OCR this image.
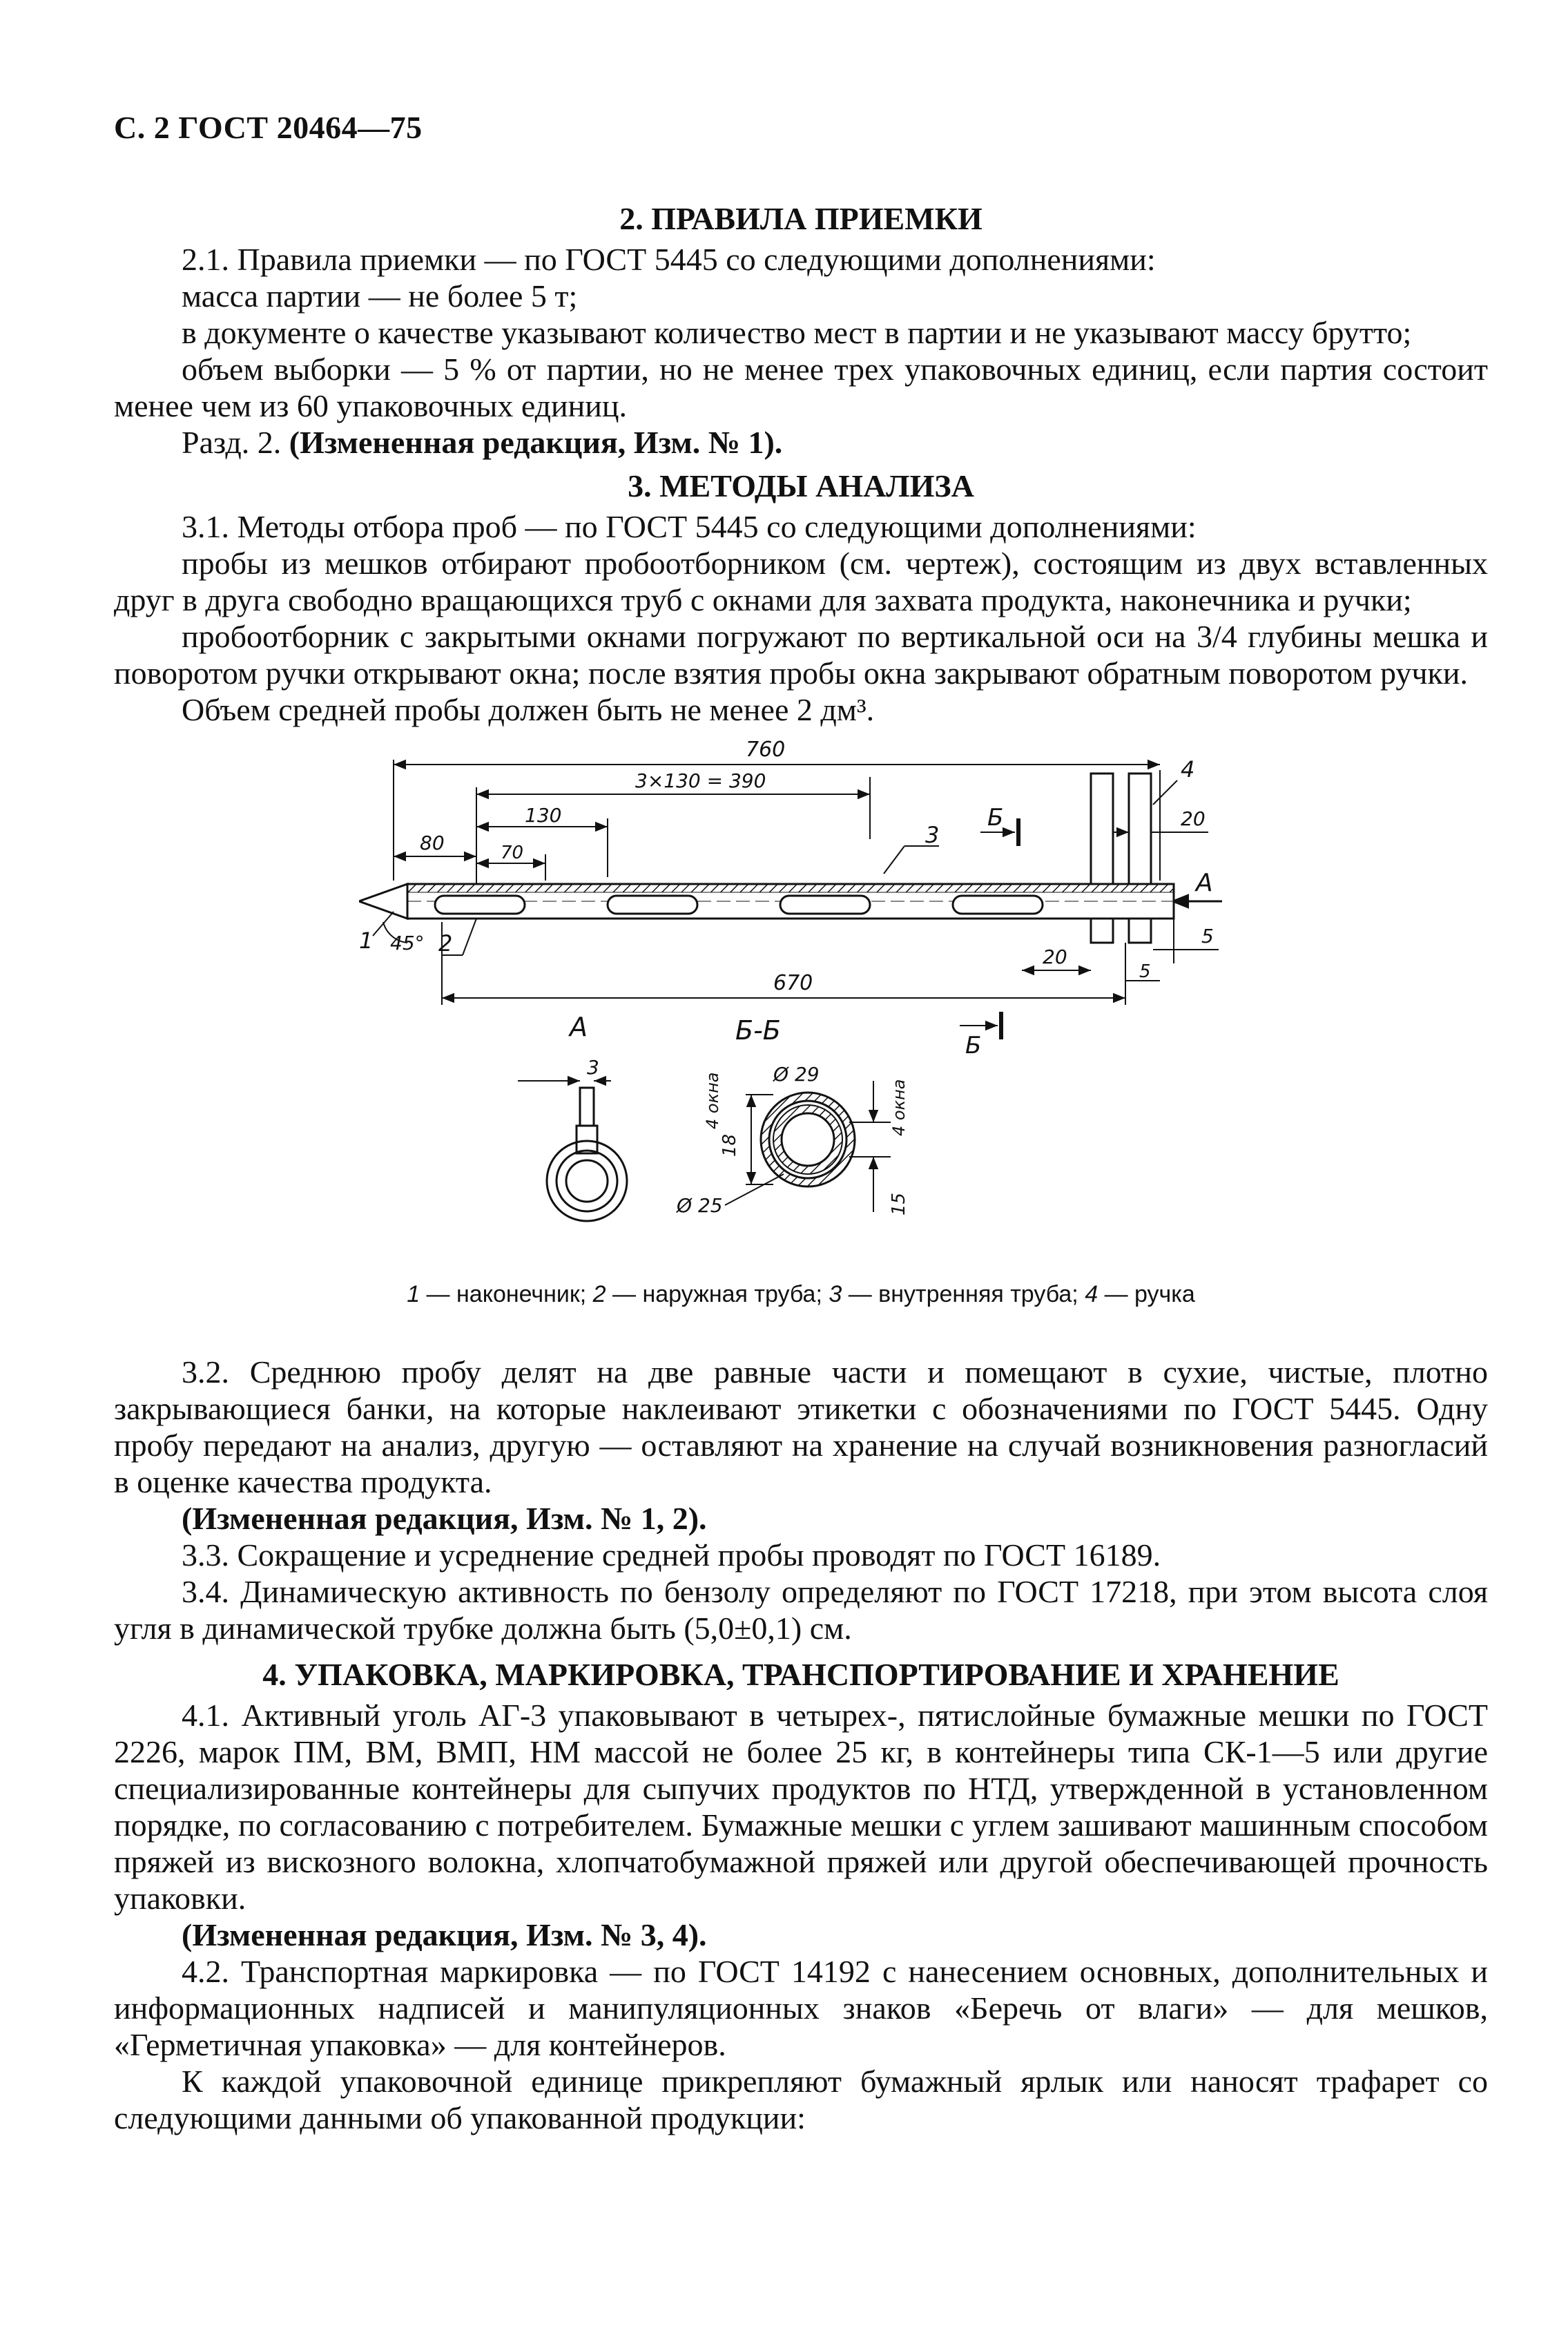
С. 2 ГОСТ 20464—75
2. ПРАВИЛА ПРИЕМКИ

2.1. Правила приемки — по ГОСТ 5445 со следующими дополнениями:

масса партии — не более 5 т;

в документе о качестве указывают количество мест в партии и не указывают массу брутто;

объем выборки — 5 % от партии, но не менее трех упаковочных единиц, если партия состоит менее чем из 60 упаковочных единиц.

Разд. 2. (Измененная редакция, Изм. № 1).

3. МЕТОДЫ АНАЛИЗА

3.1. Методы отбора проб — по ГОСТ 5445 со следующими дополнениями:

пробы из мешков отбирают пробоотборником (см. чертеж), состоящим из двух вставленных друг в друга свободно вращающихся труб с окнами для захвата продукта, наконечника и ручки;

пробоотборник с закрытыми окнами погружают по вертикальной оси на 3/4 глубины мешка и поворотом ручки открывают окна; после взятия пробы окна закрывают обратным поворотом ручки.

Объем средней пробы должен быть не менее 2 дм³.

760
3×130 = 390
130
80	70
3
Б
4
20
А
1 45° 2	5
670
20
5
А
3
Б-Б	Б
Ø 29
Ø 25
18
4 окна	4 окна
15
1 — наконечник; 2 — наружная труба; 3 — внутренняя труба; 4 — ручка

3.2. Среднюю пробу делят на две равные части и помещают в сухие, чистые, плотно закрывающиеся банки, на которые наклеивают этикетки с обозначениями по ГОСТ 5445. Одну пробу передают на анализ, другую — оставляют на хранение на случай возникновения разногласий в оценке качества продукта.

(Измененная редакция, Изм. № 1, 2).

3.3. Сокращение и усреднение средней пробы проводят по ГОСТ 16189.

3.4. Динамическую активность по бензолу определяют по ГОСТ 17218, при этом высота слоя угля в динамической трубке должна быть (5,0±0,1) см.

4. УПАКОВКА, МАРКИРОВКА, ТРАНСПОРТИРОВАНИЕ И ХРАНЕНИЕ

4.1. Активный уголь АГ-3 упаковывают в четырех-, пятислойные бумажные мешки по ГОСТ 2226, марок ПМ, ВМ, ВМП, НМ массой не более 25 кг, в контейнеры типа СК-1—5 или другие специализированные контейнеры для сыпучих продуктов по НТД, утвержденной в установленном порядке, по согласованию с потребителем. Бумажные мешки с углем зашивают машинным способом пряжей из вискозного волокна, хлопчатобумажной пряжей или другой обеспечивающей прочность упаковки.

(Измененная редакция, Изм. № 3, 4).

4.2. Транспортная маркировка — по ГОСТ 14192 с нанесением основных, дополнительных и информационных надписей и манипуляционных знаков «Беречь от влаги» — для мешков, «Герметичная упаковка» — для контейнеров.

К каждой упаковочной единице прикрепляют бумажный ярлык или наносят трафарет со следующими данными об упакованной продукции:
